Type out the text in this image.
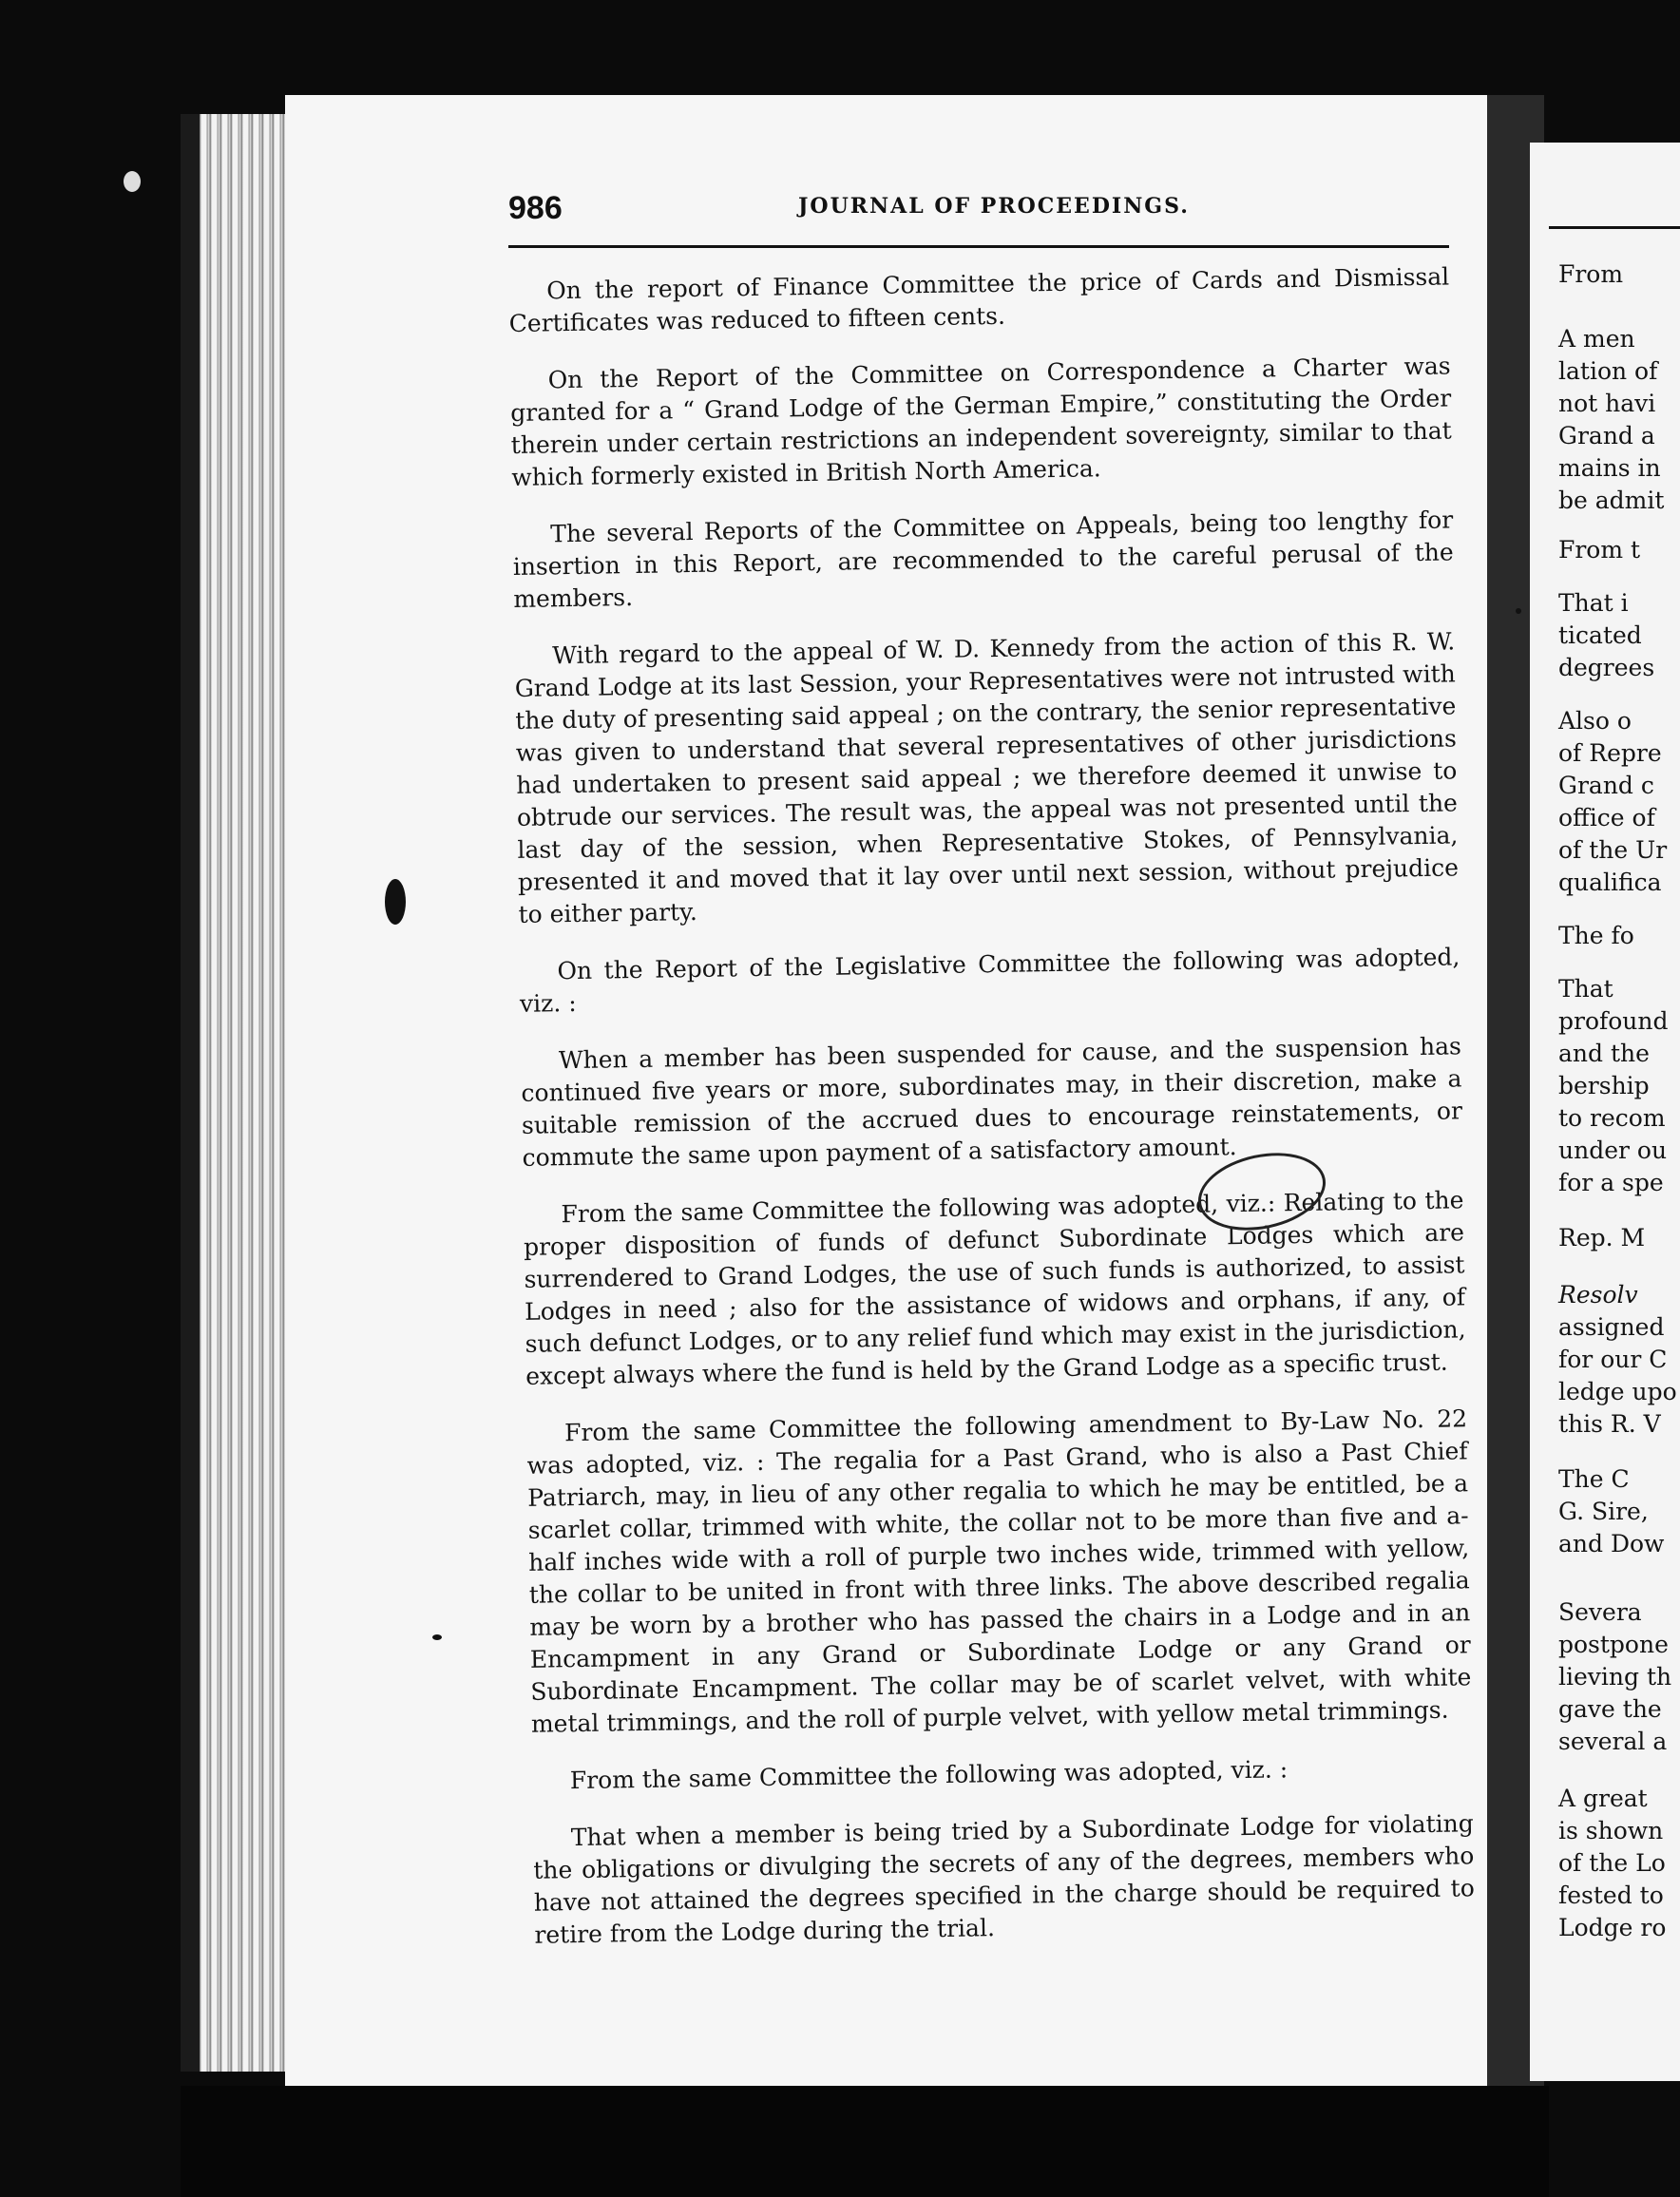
From
A men
lation of
not havi
Grand a
mains in
be admit
From t
That i
ticated
degrees
Also o
of Repre
Grand c
office of
of the Ur
qualifica
The fo
That
profound
and the
bership
to recom
under ou
for a spe
Rep. M
Resolv
assigned
for our C
ledge upo
this R. V
The C
G. Sire,
and Dow
Severa
postpone
lieving th
gave the
several a
A great
is shown
of the Lo
fested to
Lodge ro
986	JOURNAL OF PROCEEDINGS.

On the report of Finance Committee the price of Cards and Dismissal Certificates was reduced to fifteen cents.

On the Report of the Committee on Correspondence a Charter was granted for a “ Grand Lodge of the German Empire,” constituting the Order therein under certain restrictions an independent sovereignty, similar to that which formerly existed in British North America.

The several Reports of the Committee on Appeals, being too lengthy for insertion in this Report, are recommended to the careful perusal of the members.

With regard to the appeal of W. D. Kennedy from the action of this R. W. Grand Lodge at its last Session, your Representatives were not intrusted with the duty of presenting said appeal ; on the contrary, the senior representative was given to understand that several representatives of other jurisdictions had undertaken to present said appeal ; we therefore deemed it unwise to obtrude our services. The result was, the appeal was not presented until the last day of the session, when Representative Stokes, of Pennsylvania, presented it and moved that it lay over until next session, without prejudice to either party.

On the Report of the Legislative Committee the following was adopted, viz. :

When a member has been suspended for cause, and the suspension has continued five years or more, subordinates may, in their discretion, make a suitable remission of the accrued dues to encourage reinstatements, or commute the same upon payment of a satisfactory amount.

From the same Committee the following was adopted, viz.: Relating to the proper disposition of funds of defunct Subordinate Lodges which are surrendered to Grand Lodges, the use of such funds is authorized, to assist Lodges in need ; also for the assistance of widows and orphans, if any, of such defunct Lodges, or to any relief fund which may exist in the jurisdiction, except always where the fund is held by the Grand Lodge as a specific trust.

From the same Committee the following amendment to By-Law No. 22 was adopted, viz. : The regalia for a Past Grand, who is also a Past Chief Patriarch, may, in lieu of any other regalia to which he may be entitled, be a scarlet collar, trimmed with white, the collar not to be more than five and a-half inches wide with a roll of purple two inches wide, trimmed with yellow, the collar to be united in front with three links. The above described regalia may be worn by a brother who has passed the chairs in a Lodge and in an Encampment in any Grand or Subordinate Lodge or any Grand or Subordinate Encampment. The collar may be of scarlet velvet, with white metal trimmings, and the roll of purple velvet, with yellow metal trimmings.

From the same Committee the following was adopted, viz. :

That when a member is being tried by a Subordinate Lodge for violating the obligations or divulging the secrets of any of the degrees, members who have not attained the degrees specified in the charge should be required to retire from the Lodge during the trial.
